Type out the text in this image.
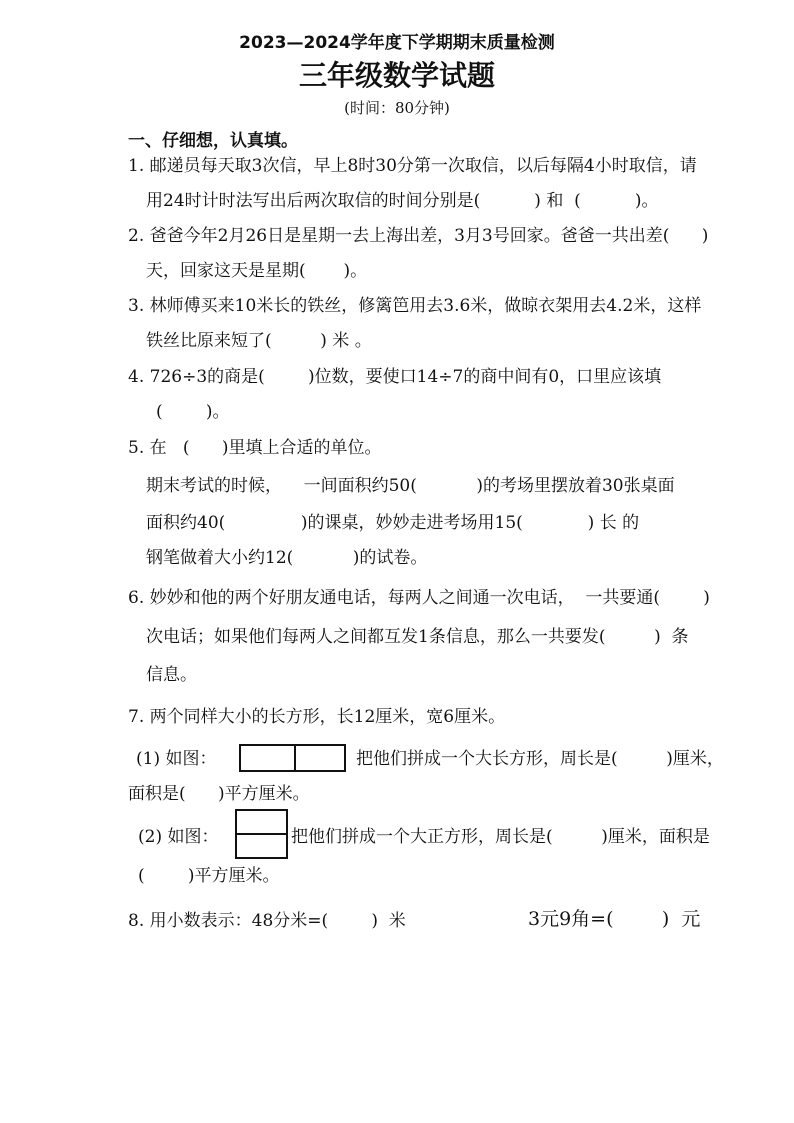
2023—2024学年度下学期期末质量检测
三年级数学试题
(时间：80分钟)
一、仔细想，认真填。
1. 邮递员每天取3次信，早上8时30分第一次取信，以后每隔4小时取信，请
用24时计时法写出后两次取信的时间分别是(          ) 和  (          )。
2. 爸爸今年2月26日是星期一去上海出差，3月3号回家。爸爸一共出差(      )
天，回家这天是星期(       )。
3. 林师傅买来10米长的铁丝，修篱笆用去3.6米，做晾衣架用去4.2米，这样
铁丝比原来短了(         ) 米 。
4. 726÷3的商是(        )位数，要使口14÷7的商中间有0，口里应该填
(        )。
5. 在   (      )里填上合适的单位。
期末考试的时候，    一间面积约50(           )的考场里摆放着30张桌面
面积约40(              )的课桌，妙妙走进考场用15(            ) 长 的
钢笔做着大小约12(           )的试卷。
6. 妙妙和他的两个好朋友通电话，每两人之间通一次电话，  一共要通(        )
次电话；如果他们每两人之间都互发1条信息，那么一共要发(         )  条
信息。
7. 两个同样大小的长方形，长12厘米，宽6厘米。
(1) 如图：	把他们拼成一个大长方形，周长是(         )厘米，
面积是(      )平方厘米。
(2) 如图：	把他们拼成一个大正方形，周长是(         )厘米，面积是
(        )平方厘米。
8. 用小数表示：48分米=(        )  米	3元9角=(        )  元
